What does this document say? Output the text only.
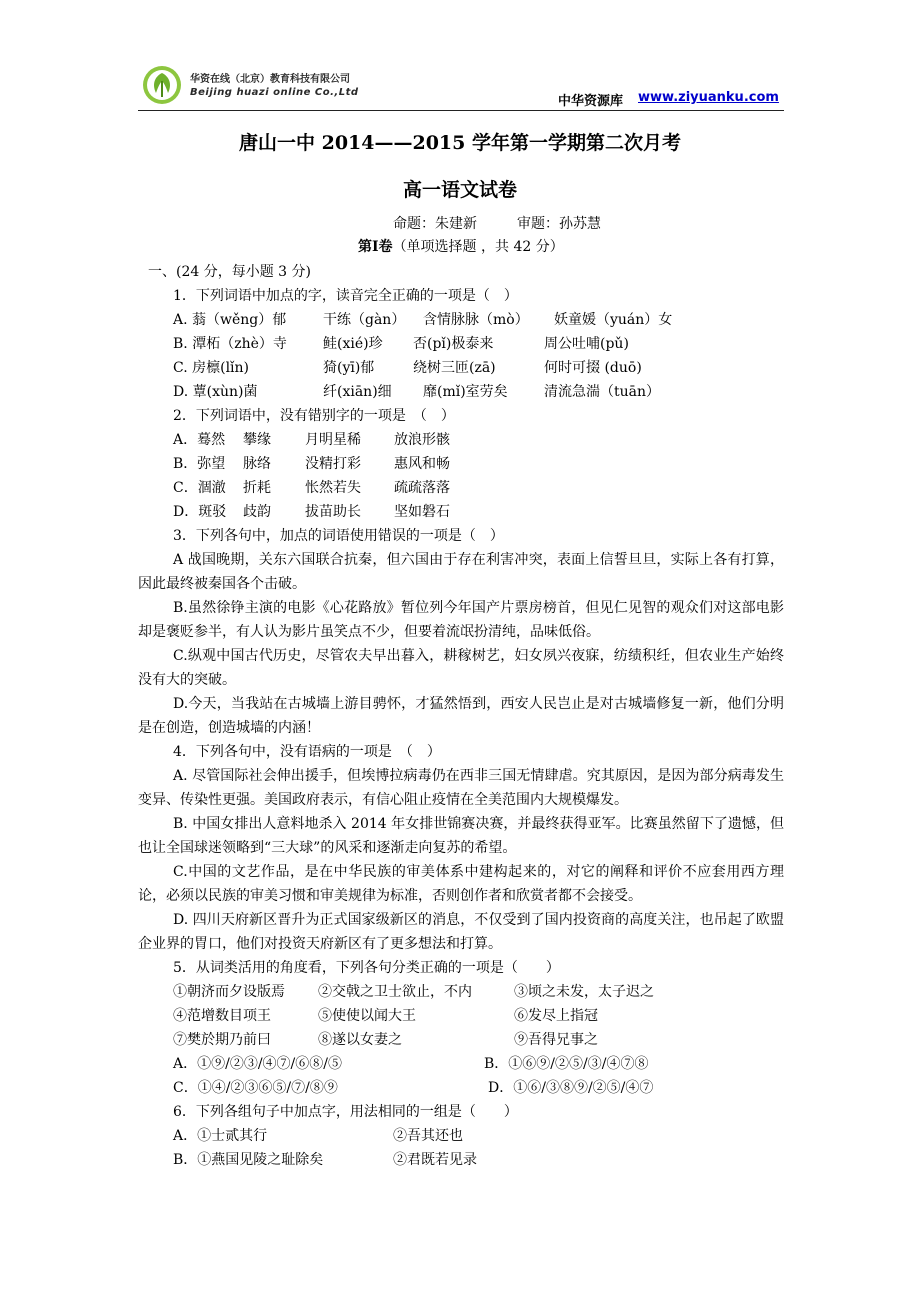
华资在线（北京）教育科技有限公司
Beijing huazi online Co.,Ltd
中华资源库 www.ziyuanku.com
唐山一中 2014——2015 学年第一学期第二次月考
高一语文试卷
命题：朱建新	审题：孙苏慧
第Ⅰ卷（单项选择题 ，共 42 分）
一、(24 分，每小题 3 分)
1．下列词语中加点的字，读音完全正确的一项是（　）
A. 蓊（wěng）郁	干练（gàn）	含情脉脉（mò）	妖童媛（yuán）女
B. 潭柘（zhè）寺	鲑(xié)珍	否(pǐ)极泰来	周公吐哺(pǔ)
C. 房檩(lǐn)	猗(yī)郁	绕树三匝(zā)	何时可掇 (duō)
D. 蕈(xùn)菌	纤(xiān)细	靡(mǐ)室劳矣	清流急湍（tuān）
2．下列词语中，没有错别字的一项是　（　）
A．蓦然	攀缘	月明星稀	放浪形骸
B．弥望	脉络	没精打彩	惠风和畅
C．涸澈	折耗	怅然若失	疏疏落落
D．斑驳	歧韵	拔苗助长	坚如磐石
3．下列各句中，加点的词语使用错误的一项是（　）
A 战国晚期，关东六国联合抗秦，但六国由于存在利害冲突，表面上信誓旦旦，实际上各有打算，因此最终被秦国各个击破。
B.虽然徐铮主演的电影《心花路放》暂位列今年国产片票房榜首，但见仁见智的观众们对这部电影却是褒贬参半，有人认为影片虽笑点不少，但要着流氓扮清纯，品味低俗。
C.纵观中国古代历史，尽管农夫早出暮入，耕稼树艺，妇女夙兴夜寐，纺绩积纴，但农业生产始终没有大的突破。
D.今天，当我站在古城墙上游目骋怀，才猛然悟到，西安人民岂止是对古城墙修复一新，他们分明是在创造，创造城墙的内涵！
4．下列各句中，没有语病的一项是　（　）
A. 尽管国际社会伸出援手，但埃博拉病毒仍在西非三国无情肆虐。究其原因，是因为部分病毒发生变异、传染性更强。美国政府表示，有信心阻止疫情在全美范围内大规模爆发。
B. 中国女排出人意料地杀入 2014 年女排世锦赛决赛，并最终获得亚军。比赛虽然留下了遗憾，但也让全国球迷领略到“三大球”的风采和逐渐走向复苏的希望。
C.中国的文艺作品，是在中华民族的审美体系中建构起来的，对它的阐释和评价不应套用西方理论，必须以民族的审美习惯和审美规律为标准，否则创作者和欣赏者都不会接受。
D. 四川天府新区晋升为正式国家级新区的消息，不仅受到了国内投资商的高度关注，也吊起了欧盟企业界的胃口，他们对投资天府新区有了更多想法和打算。
5．从词类活用的角度看，下列各句分类正确的一项是（　　）
①朝济而夕设版焉	②交戟之卫士欲止，不内	③顷之未发，太子迟之
④范增数目项王	⑤使使以闻大王	⑥发尽上指冠
⑦樊於期乃前曰	⑧遂以女妻之	⑨吾得兄事之
A．①⑨/②③/④⑦/⑥⑧/⑤	B．①⑥⑨/②⑤/③/④⑦⑧
C．①④/②③⑥⑤/⑦/⑧⑨	D．①⑥/③⑧⑨/②⑤/④⑦
6．下列各组句子中加点字，用法相同的一组是（　　）
A．①士贰其行	②吾其还也
B．①燕国见陵之耻除矣	②君既若见录
